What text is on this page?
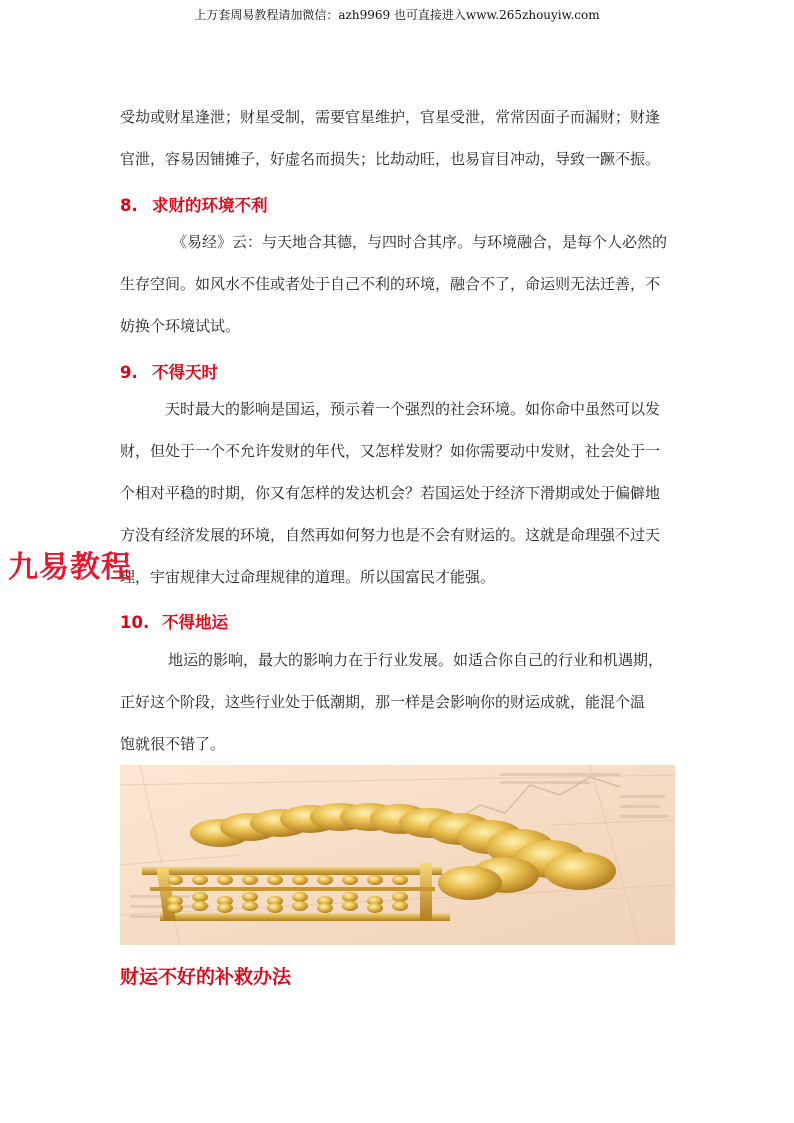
上万套周易教程请加微信：azh9969 也可直接进入www.265zhouyiw.com
受劫或财星逢泄；财星受制，需要官星维护，官星受泄，常常因面子而漏财；财逢
官泄，容易因铺摊子，好虚名而损失；比劫动旺，也易盲目冲动，导致一蹶不振。
8. 求财的环境不利
《易经》云：与天地合其德，与四时合其序。与环境融合，是每个人必然的
生存空间。如风水不佳或者处于自己不利的环境，融合不了，命运则无法迁善，不
妨换个环境试试。
9. 不得天时
天时最大的影响是国运，预示着一个强烈的社会环境。如你命中虽然可以发
财，但处于一个不允许发财的年代，又怎样发财？如你需要动中发财，社会处于一
个相对平稳的时期，你又有怎样的发达机会？若国运处于经济下滑期或处于偏僻地
方没有经济发展的环境，自然再如何努力也是不会有财运的。这就是命理强不过天
理，宇宙规律大过命理规律的道理。所以国富民才能强。
10. 不得地运
地运的影响，最大的影响力在于行业发展。如适合你自己的行业和机遇期，
正好这个阶段，这些行业处于低潮期，那一样是会影响你的财运成就，能混个温
饱就很不错了。
九易教程
财运不好的补救办法
